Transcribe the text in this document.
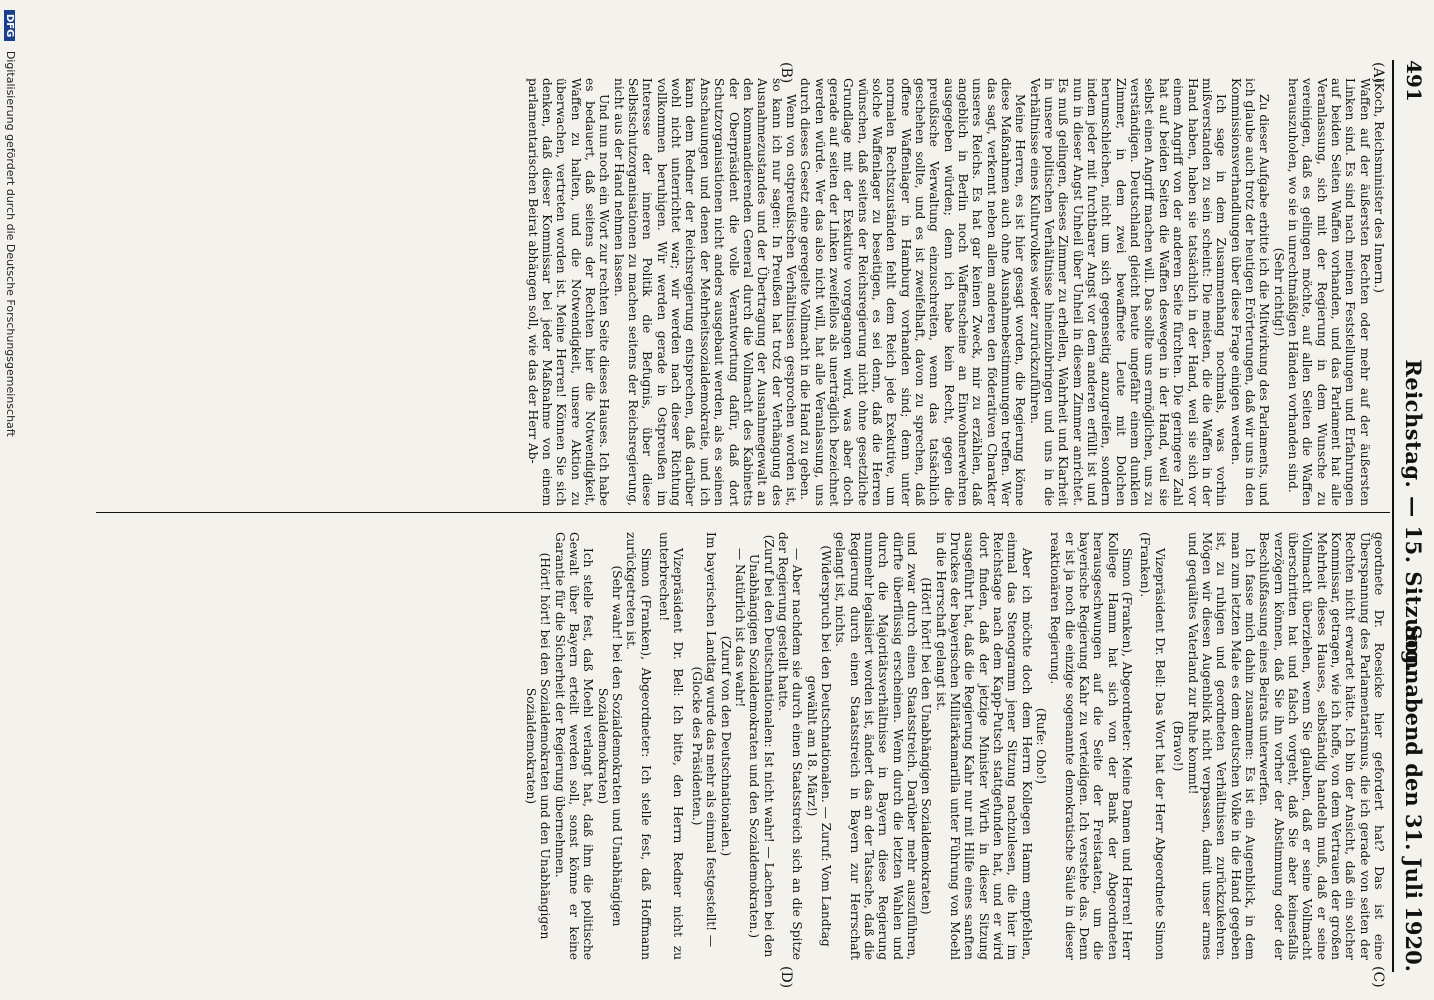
491
Reichstag. — 15. Sitzung.
Sonnabend den 31. Juli 1920.
(A)
(B)
(C)
(D)

(Koch, Reichsminister des Innern.)

Waffen auf der äußersten Rechten oder mehr auf der äußersten Linken sind. Es sind nach meinen Feststellungen und Erfahrungen auf beiden Seiten Waffen vorhanden, und das Parlament hat alle Veranlassung, sich mit der Regierung in dem Wunsche zu vereinigen, daß es gelingen möchte, auf allen Seiten die Waffen herauszuholen, wo sie in unrechtmäßigen Händen vorhanden sind.

(Sehr richtig!)

Zu dieser Aufgabe erbitte ich die Mitwirkung des Parlaments, und ich glaube auch trotz der heutigen Erörterungen, daß wir uns in den Kommissionsverhandlungen über diese Frage einigen werden.

Ich sage in dem Zusammenhang nochmals, was vorhin mißverstanden zu sein scheint: Die meisten, die die Waffen in der Hand haben, haben sie tatsächlich in der Hand, weil sie sich vor einem Angriff von der anderen Seite fürchten. Die geringere Zahl hat auf beiden Seiten die Waffen deswegen in der Hand, weil sie selbst einen Angriff machen will. Das sollte uns ermöglichen, uns zu verständigen. Deutschland gleicht heute ungefähr einem dunklen Zimmer, in dem zwei bewaffnete Leute mit Dolchen herumschleichen, nicht um sich gegenseitig anzugreifen, sondern indem jeder mit furchtbarer Angst vor dem anderen erfüllt ist und nun in dieser Angst Unheil über Unheil in diesem Zimmer anrichtet. Es muß gelingen, dieses Zimmer zu erhellen, Wahrheit und Klarheit in unsere politischen Verhältnisse hineinzubringen und uns in die Verhältnisse eines Kulturvolkes wieder zurückzuführen.

Meine Herren, es ist hier gesagt worden, die Regierung könne diese Maßnahmen auch ohne Ausnahmebestimmungen treffen. Wer das sagt, verkennt neben allem anderen den föderativen Charakter unseres Reichs. Es hat gar keinen Zweck, mir zu erzählen, daß angeblich in Berlin noch Waffenscheine an Einwohnerwehren ausgegeben würden; denn ich habe kein Recht, gegen die preußische Verwaltung einzuschreiten, wenn das tatsächlich geschehen sollte, und es ist zweifelhaft, davon zu sprechen, daß offene Waffenlager in Hamburg vorhanden sind; denn unter normalen Rechtszuständen fehlt dem Reich jede Exekutive, um solche Waffenlager zu beseitigen, es sei denn, daß die Herren wünschen, daß seitens der Reichsregierung nicht ohne gesetzliche Grundlage mit der Exekutive vorgegangen wird, was aber doch gerade auf seiten der Linken zweifellos als unerträglich bezeichnet werden würde. Wer das also nicht will, hat alle Veranlassung, uns durch dieses Gesetz eine geregelte Vollmacht in die Hand zu geben.

Wenn von ostpreußischen Verhältnissen gesprochen worden ist, so kann ich nur sagen: In Preußen hat trotz der Verhängung des Ausnahmezustandes und der Übertragung der Ausnahmegewalt an den kommandierenden General durch die Vollmacht des Kabinetts der Oberpräsident die volle Verantwortung dafür, daß dort Schutzorganisationen nicht anders ausgebaut werden, als es seinen Anschauungen und denen der Mehrheitssozialdemokratie, und ich kann dem Redner der Reichsregierung entsprechen, daß darüber wohl nicht unterrichtet war; wir werden nach dieser Richtung vollkommen beruhigen. Wir werden gerade in Ostpreußen im Interesse der inneren Politik die Befugnis, über diese Selbstschutzorganisationen zu machen seitens der Reichsregierung, nicht aus der Hand nehmen lassen.

Und nun noch ein Wort zur rechten Seite dieses Hauses. Ich habe es bedauert, daß seitens der Rechten hier die Notwendigkeit, Waffen zu halten, und die Notwendigkeit, unsere Aktion zu überwachen, vertreten worden ist. Meine Herren! Können Sie sich denken, daß dieser Kommissar bei jeder Maßnahme von einem parlamentarischen Beirat abhängen soll, wie das der Herr Ab-

geordnete Dr. Roesicke hier gefordert hat? Das ist eine Überspannung des Parlamentarismus, die ich gerade von seiten der Rechten nicht erwartet hätte. Ich bin der Ansicht, daß ein solcher Kommissar, getragen, wie ich hoffe, von dem Vertrauen der großen Mehrheit dieses Hauses, selbständig handeln muß, daß er seine Vollmacht überziehen, wenn Sie glauben, daß er seine Vollmacht überschritten hat und falsch vorgeht, daß Sie aber keinesfalls verzögern können, daß Sie ihn vorher der Abstimmung oder der Beschlußfassung eines Beirats unterwerfen.

Ich fasse mich dahin zusammen: Es ist ein Augenblick, in dem man zum letzten Male es dem deutschen Volke in die Hand gegeben ist, zu ruhigen und geordneten Verhältnissen zurückzukehren. Mögen wir diesen Augenblick nicht verpassen, damit unser armes und gequältes Vaterland zur Ruhe kommt!

(Bravo!)

Vizepräsident Dr. Bell: Das Wort hat der Herr Abgeordnete Simon (Franken).

Simon (Franken), Abgeordneter: Meine Damen und Herren! Herr Kollege Hamm hat sich von der Bank der Abgeordneten herausgeschwungen auf die Seite der Freistaaten, um die bayerische Regierung Kahr zu verteidigen. Ich verstehe das. Denn er ist ja noch die einzige sogenannte demokratische Säule in dieser reaktionären Regierung.

(Rufe: Oho!)

Aber ich möchte doch dem Herrn Kollegen Hamm empfehlen, einmal das Stenogramm jener Sitzung nachzulesen, die hier im Reichstage nach dem Kapp-Putsch stattgefunden hat, und er wird dort finden, daß der jetzige Minister Wirth in dieser Sitzung ausgeführt hat, daß die Regierung Kahr nur mit Hilfe eines sanften Druckes der bayerischen Militärkamarilla unter Führung von Moehl in die Herrschaft gelangt ist.

(Hört! hört! bei den Unabhängigen Sozialdemokraten)

und zwar durch einen Staatsstreich. Darüber mehr auszuführen, dürfte überflüssig erscheinen. Wenn durch die letzten Wahlen und durch die Majoritätsverhältnisse in Bayern diese Regierung nunmehr legalisiert worden ist, ändert das an der Tatsache, daß die Regierung durch einen Staatsstreich in Bayern zur Herrschaft gelangt ist, nichts.

(Widerspruch bei den Deutschnationalen. — Zuruf: Vom Landtag gewählt am 18. März!)

— Aber nachdem sie durch einen Staatsstreich sich an die Spitze der Regierung gestellt hatte.

(Zuruf bei den Deutschnationalen: Ist nicht wahr! — Lachen bei den Unabhängigen Sozialdemokraten und den Sozialdemokraten.)

— Natürlich ist das wahr!

(Zuruf von den Deutschnationalen.)

Im bayerischen Landtag wurde das mehr als einmal festgestellt! —

(Glocke des Präsidenten.)

Vizepräsident Dr. Bell: Ich bitte, den Herrn Redner nicht zu unterbrechen!

Simon (Franken), Abgeordneter: Ich stelle fest, daß Hoffmann zurückgetreten ist.

(Sehr wahr! bei den Sozialdemokraten und Unabhängigen Sozialdemokraten)

Ich stelle fest, daß Moehl verlangt hat, daß ihm die politische Gewalt über Bayern erteilt werden soll, sonst könne er keine Garantie für die Sicherheit der Regierung übernehmen.

(Hört! hört! bei den Sozialdemokraten und den Unabhängigen Sozialdemokraten)

DFG Digitalisierung gefördert durch die Deutsche Forschungsgemeinschaft
